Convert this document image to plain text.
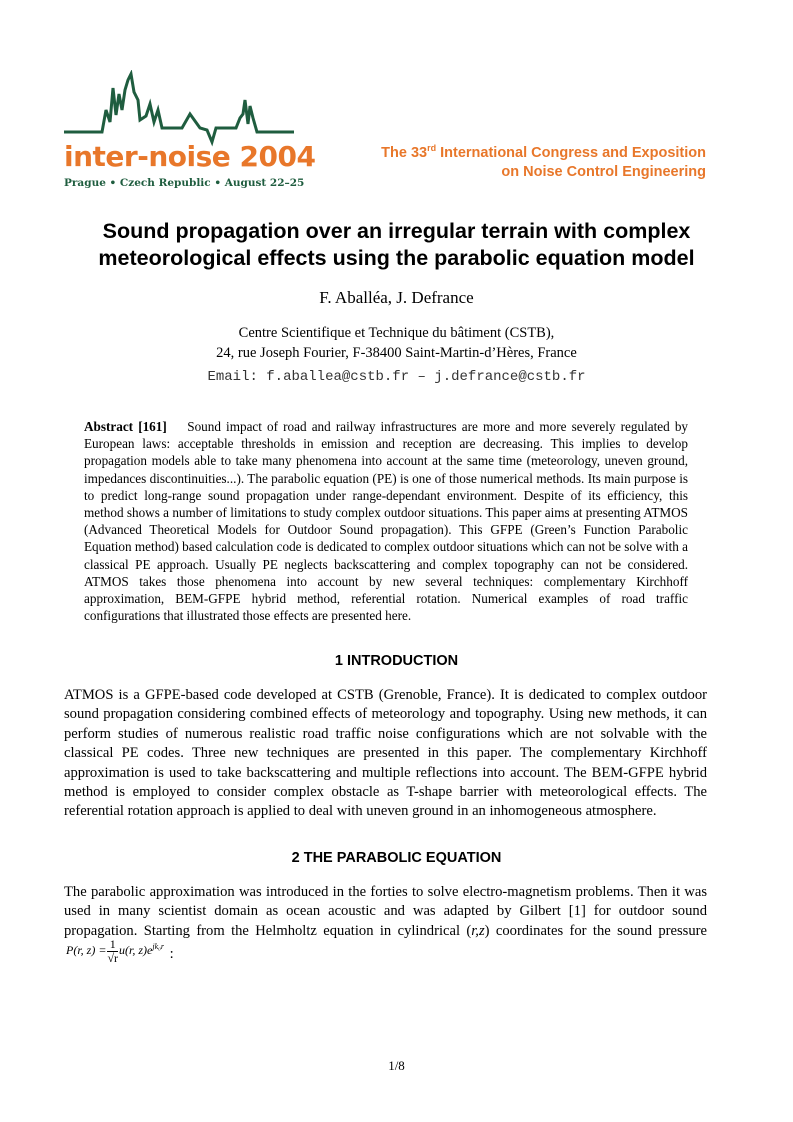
inter-noise 2004
Prague • Czech Republic • August 22–25
The 33rd International Congress and Exposition
on Noise Control Engineering
Sound propagation over an irregular terrain with complex
meteorological effects using the parabolic equation model
F. Aballéa, J. Defrance
Centre Scientifique et Technique du bâtiment (CSTB),
24, rue Joseph Fourier, F-38400 Saint-Martin-d’Hères, France
Email: f.aballea@cstb.fr – j.defrance@cstb.fr
Abstract [161] Sound impact of road and railway infrastructures are more and more severely regulated by European laws: acceptable thresholds in emission and reception are decreasing. This implies to develop propagation models able to take many phenomena into account at the same time (meteorology, uneven ground, impedances discontinuities...). The parabolic equation (PE) is one of those numerical methods. Its main purpose is to predict long-range sound propagation under range-dependant environment. Despite of its efficiency, this method shows a number of limitations to study complex outdoor situations. This paper aims at presenting ATMOS (Advanced Theoretical Models for Outdoor Sound propagation). This GFPE (Green’s Function Parabolic Equation method) based calculation code is dedicated to complex outdoor situations which can not be solve with a classical PE approach. Usually PE neglects backscattering and complex topography can not be considered. ATMOS takes those phenomena into account by new several techniques: complementary Kirchhoff approximation, BEM-GFPE hybrid method, referential rotation. Numerical examples of road traffic configurations that illustrated those effects are presented here.
1 INTRODUCTION
ATMOS is a GFPE-based code developed at CSTB (Grenoble, France). It is dedicated to complex outdoor sound propagation considering combined effects of meteorology and topography. Using new methods, it can perform studies of numerous realistic road traffic noise configurations which are not solvable with the classical PE codes. Three new techniques are presented in this paper. The complementary Kirchhoff approximation is used to take backscattering and multiple reflections into account. The BEM-GFPE hybrid method is employed to consider complex obstacle as T-shape barrier with meteorological effects. The referential rotation approach is applied to deal with uneven ground in an inhomogeneous atmosphere.
2 THE PARABOLIC EQUATION
The parabolic approximation was introduced in the forties to solve electro-magnetism problems. Then it was used in many scientist domain as ocean acoustic and was adapted by Gilbert [1] for outdoor sound propagation. Starting from the Helmholtz equation in cylindrical (r,z) coordinates for the sound pressure P(r, $z) = \frac{1}{√r} u(r$, $z)e^{jk_0r}$ :
1/8
